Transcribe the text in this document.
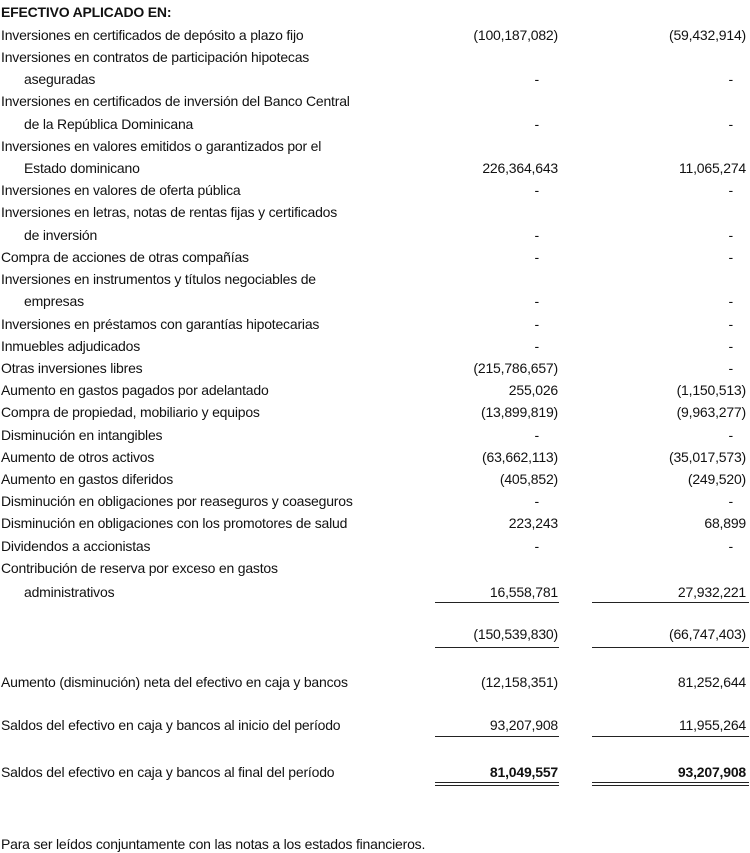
EFECTIVO APLICADO EN:
Inversiones en certificados de depósito a plazo fijo	(100,187,082)	(59,432,914)
Inversiones en contratos de participación hipotecas
aseguradas	-	-
Inversiones en certificados de inversión del Banco Central
de la República Dominicana	-	-
Inversiones en valores emitidos o garantizados por el
Estado dominicano	226,364,643	11,065,274
Inversiones en valores de oferta pública	-	-
Inversiones en letras, notas de rentas fijas y certificados
de inversión	-	-
Compra de acciones de otras compañías	-	-
Inversiones en instrumentos y títulos negociables de
empresas	-	-
Inversiones en préstamos con garantías hipotecarias	-	-
Inmuebles adjudicados	-	-
Otras inversiones libres	(215,786,657)	-
Aumento en gastos pagados por adelantado	255,026	(1,150,513)
Compra de propiedad, mobiliario y equipos	(13,899,819)	(9,963,277)
Disminución en intangibles	-	-
Aumento de otros activos	(63,662,113)	(35,017,573)
Aumento en gastos diferidos	(405,852)	(249,520)
Disminución en obligaciones por reaseguros y coaseguros	-	-
Disminución en obligaciones con los promotores de salud	223,243	68,899
Dividendos a accionistas	-	-
Contribución de reserva por exceso en gastos
administrativos	16,558,781	27,932,221
(150,539,830)	(66,747,403)
Aumento (disminución) neta del efectivo en caja y bancos	(12,158,351)	81,252,644
Saldos del efectivo en caja y bancos al inicio del período	93,207,908	11,955,264
Saldos del efectivo en caja y bancos al final del período	81,049,557	93,207,908
Para ser leídos conjuntamente con las notas a los estados financieros.
